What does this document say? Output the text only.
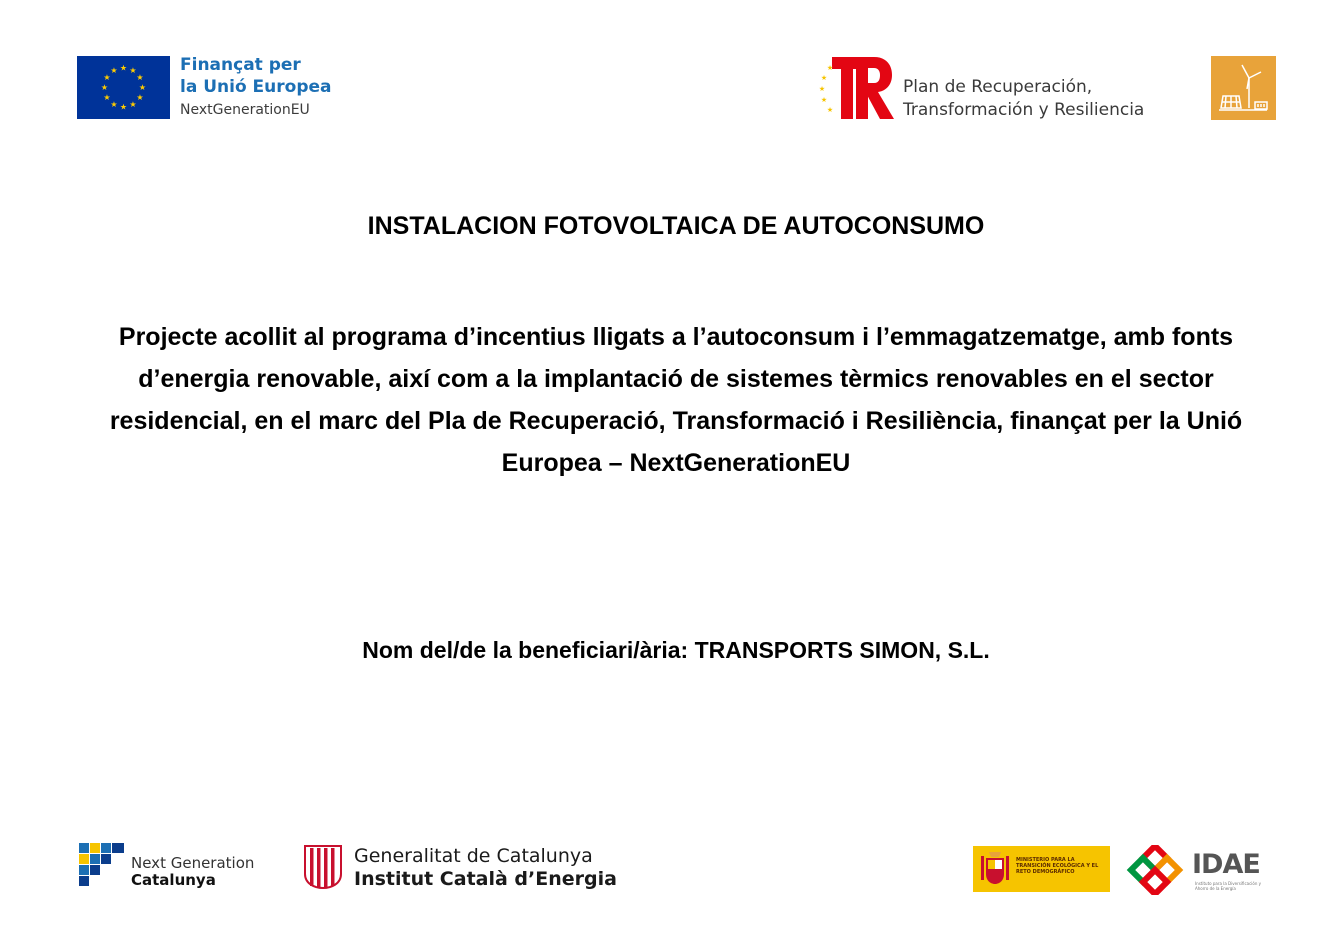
★ ★
★
★
★
★
★
★
★
★
★
★	Finançat per
la Unió Europea
NextGenerationEU
★
★
★
★
★
Plan de Recuperación,
Transformación y Resiliencia
INSTALACION FOTOVOLTAICA DE AUTOCONSUMO
Projecte acollit al programa d’incentius lligats a l’autoconsum i l’emmagatzematge, amb fonts d’energia renovable, així com a la implantació de sistemes tèrmics renovables en el sector residencial, en el marc del Pla de Recuperació, Transformació i Resiliència, finançat per la Unió Europea – NextGenerationEU
Nom del/de la beneficiari/ària: TRANSPORTS SIMON, S.L.
Next Generation
Catalunya
Generalitat de Catalunya
Institut Català d’Energia
MINISTERIO PARA LA TRANSICIÓN ECOLÓGICA Y EL RETO DEMOGRÁFICO	IDAE
Instituto para la Diversificación y Ahorro de la Energía
